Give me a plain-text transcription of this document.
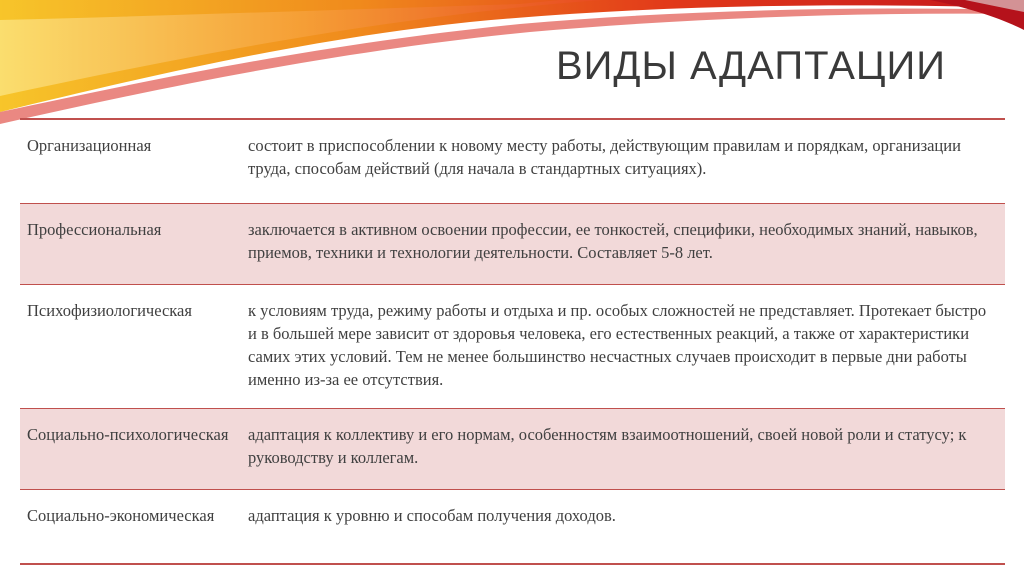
ВИДЫ АДАПТАЦИИ
Организационная	состоит в приспособлении к новому месту работы, действующим правилам и порядкам, организации труда, способам действий (для начала в стандартных ситуациях).
Профессиональная	заключается в активном освоении профессии, ее тонкостей, специфики, необходимых знаний, навыков, приемов, техники и технологии деятельности. Составляет 5-8 лет.
Психофизиологическая	к условиям труда, режиму работы и отдыха и пр. особых сложностей не представляет. Протекает быстро и в большей мере зависит от здоровья человека, его естественных реакций, а также от характеристики самих этих условий. Тем не менее большинство несчастных случаев происходит в первые дни работы именно из-за ее отсутствия.
Социально-психологическая	адаптация к коллективу и его нормам, особенностям взаимоотношений, своей новой роли и статусу; к руководству и коллегам.
Социально-экономическая	адаптация к уровню и способам получения доходов.
